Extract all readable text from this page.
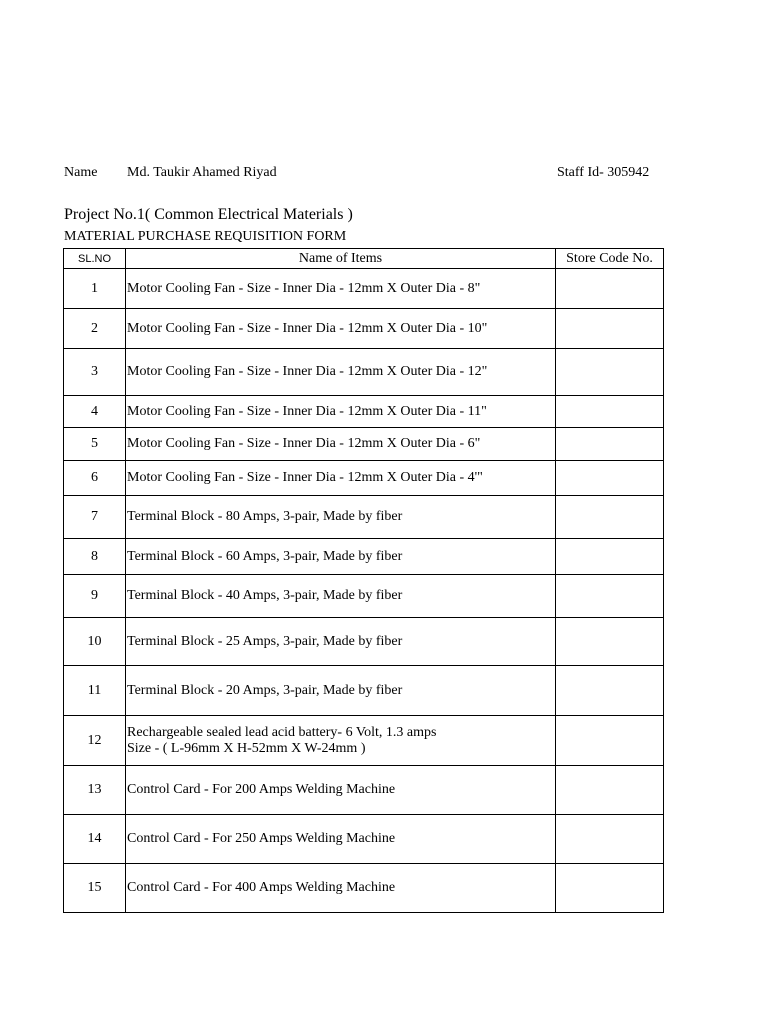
Name Md. Taukir Ahamed Riyad	Staff Id- 305942
Project No.1( Common Electrical Materials )
MATERIAL PURCHASE REQUISITION FORM
SL.NO	Name of Items	Store Code No.
1	Motor Cooling Fan - Size - Inner Dia - 12mm X Outer Dia - 8"	

2	Motor Cooling Fan - Size - Inner Dia - 12mm X Outer Dia - 10"	

3	Motor Cooling Fan - Size - Inner Dia - 12mm X Outer Dia - 12"	

4	Motor Cooling Fan - Size - Inner Dia - 12mm X Outer Dia - 11"	

5	Motor Cooling Fan - Size - Inner Dia - 12mm X Outer Dia - 6"	

6	Motor Cooling Fan - Size - Inner Dia - 12mm X Outer Dia - 4'"	

7	Terminal Block - 80 Amps, 3-pair, Made by fiber	

8	Terminal Block - 60 Amps, 3-pair, Made by fiber	

9	Terminal Block - 40 Amps, 3-pair, Made by fiber	

10	Terminal Block - 25 Amps, 3-pair, Made by fiber	

11	Terminal Block - 20 Amps, 3-pair, Made by fiber	

12	Rechargeable sealed lead acid battery- 6 Volt, 1.3 amps
Size - ( L-96mm X H-52mm X W-24mm )	

13	Control Card - For 200 Amps Welding Machine	

14	Control Card - For 250 Amps Welding Machine	

15	Control Card - For 400 Amps Welding Machine	
